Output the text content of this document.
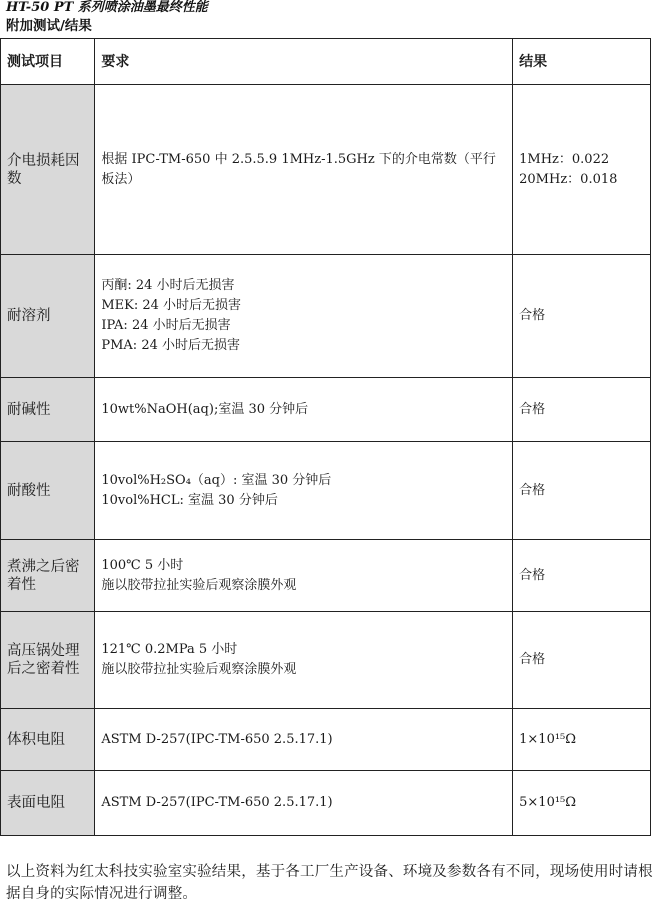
HT-50 PT 系列喷涂油墨最终性能
附加测试/结果
测试项目	要求	结果

介电损耗因数	根据 IPC-TM-650 中 2.5.5.9 1MHz-1.5GHz 下的介电常数（平行板法）	1MHz：0.022
20MHz：0.018

耐溶剂	丙酮: 24 小时后无损害
MEK: 24 小时后无损害
IPA: 24 小时后无损害
PMA: 24 小时后无损害	合格

耐碱性	10wt%NaOH(aq);室温 30 分钟后	合格

耐酸性	10vol%H₂SO₄（aq）: 室温 30 分钟后
10vol%HCL: 室温 30 分钟后	合格

煮沸之后密着性	100℃ 5 小时
施以胶带拉扯实验后观察涂膜外观	合格

高压锅处理后之密着性	121℃ 0.2MPa 5 小时
施以胶带拉扯实验后观察涂膜外观	合格

体积电阻	ASTM D-257(IPC-TM-650 2.5.17.1)	1×10¹⁵Ω

表面电阻	ASTM D-257(IPC-TM-650 2.5.17.1)	5×10¹⁵Ω
以上资料为红太科技实验室实验结果，基于各工厂生产设备、环境及参数各有不同，现场使用时请根据自身的实际情况进行调整。
